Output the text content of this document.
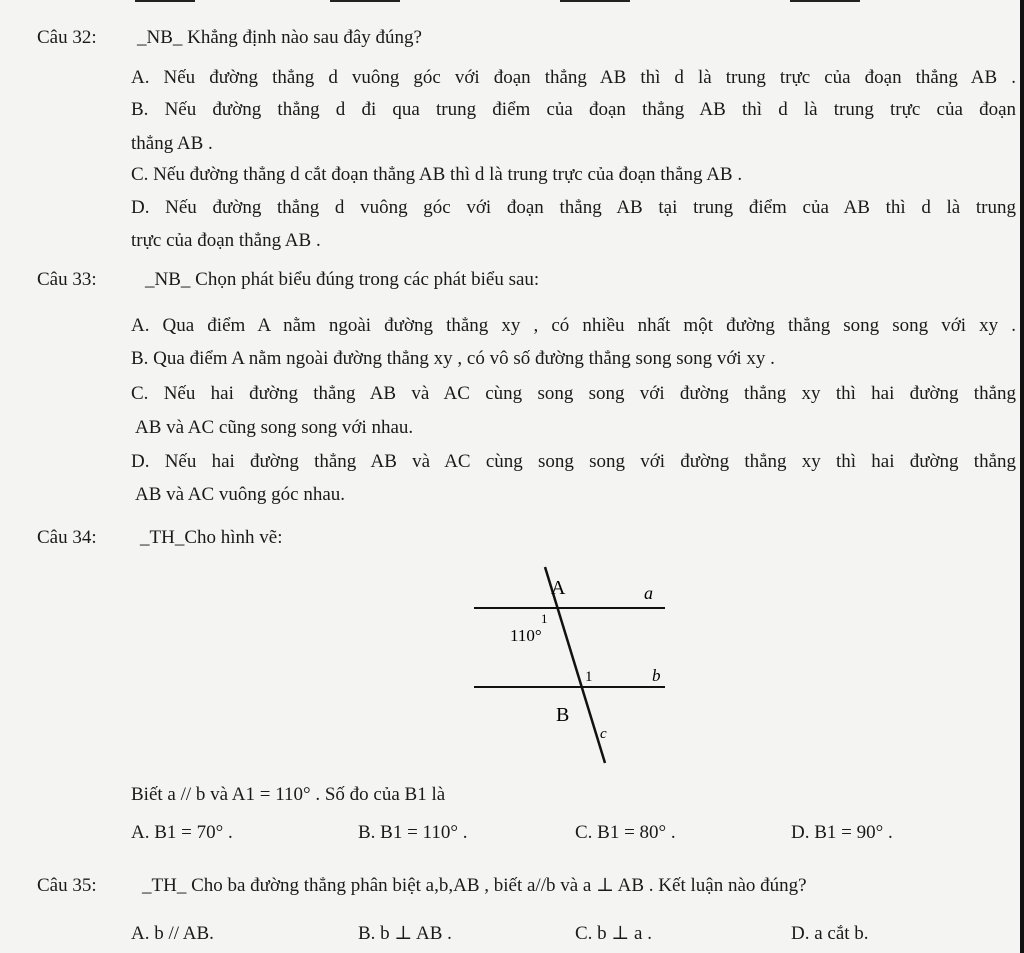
Câu 32: _NB_ Khẳng định nào sau đây đúng?
A. Nếu đường thẳng d vuông góc với đoạn thẳng AB thì d là trung trực của đoạn thẳng AB .
B. Nếu đường thẳng d đi qua trung điểm của đoạn thẳng AB thì d là trung trực của đoạn
thẳng AB .
C. Nếu đường thẳng d cắt đoạn thẳng AB thì d là trung trực của đoạn thẳng AB .
D. Nếu đường thẳng d vuông góc với đoạn thẳng AB tại trung điểm của AB thì d là trung
trực của đoạn thẳng AB .
Câu 33:	_NB_ Chọn phát biểu đúng trong các phát biểu sau:
A. Qua điểm A nằm ngoài đường thẳng xy , có nhiều nhất một đường thẳng song song với xy .
B. Qua điểm A nằm ngoài đường thẳng xy , có vô số đường thẳng song song với xy .
C. Nếu hai đường thẳng AB và AC cùng song song với đường thẳng xy thì hai đường thẳng
AB và AC cũng song song với nhau.
D. Nếu hai đường thẳng AB và AC cùng song song với đường thẳng xy thì hai đường thẳng
AB và AC vuông góc nhau.
Câu 34: _TH_Cho hình vẽ:
A	a
1
110°
1	b
B
c
Biết a // b và A1 = 110° . Số đo của B1 là
A. B1 = 70° .	B. B1 = 110° .	C. B1 = 80° .	D. B1 = 90° .
Câu 35: _TH_ Cho ba đường thẳng phân biệt a,b,AB , biết a//b và a ⊥ AB . Kết luận nào đúng?
A. b // AB.	B. b ⊥ AB .	C. b ⊥ a .	D. a cắt b.
